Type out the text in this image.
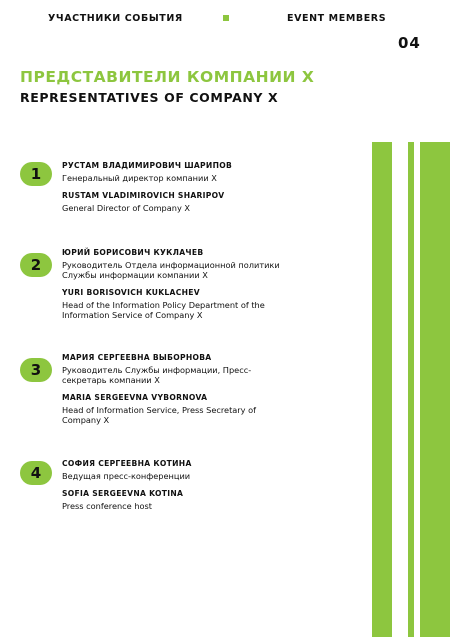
УЧАСТНИКИ СОБЫТИЯ	EVENT MEMBERS
04
ПРЕДСТАВИТЕЛИ КОМПАНИИ Х
REPRESENTATIVES OF COMPANY X
1	РУСТАМ ВЛАДИМИРОВИЧ ШАРИПОВ

Генеральный директор компании Х

RUSTAM VLADIMIROVICH SHARIPOV

General Director of Company X

2

ЮРИЙ БОРИСОВИЧ КУКЛАЧЕВ

Руководитель Отдела информационной политики Службы информации компании Х

YURI BORISOVICH KUKLACHEV

Head of the Information Policy Department of the Information Service of Company X

3

МАРИЯ СЕРГЕЕВНА ВЫБОРНОВА

Руководитель Службы информации, Пресс-секретарь компании Х

MARIA SERGEEVNA VYBORNOVA

Head of Information Service, Press Secretary of Company X

4

СОФИЯ СЕРГЕЕВНА КОТИНА

Ведущая пресс-конференции

SOFIA SERGEEVNA KOTINA

Press conference host
